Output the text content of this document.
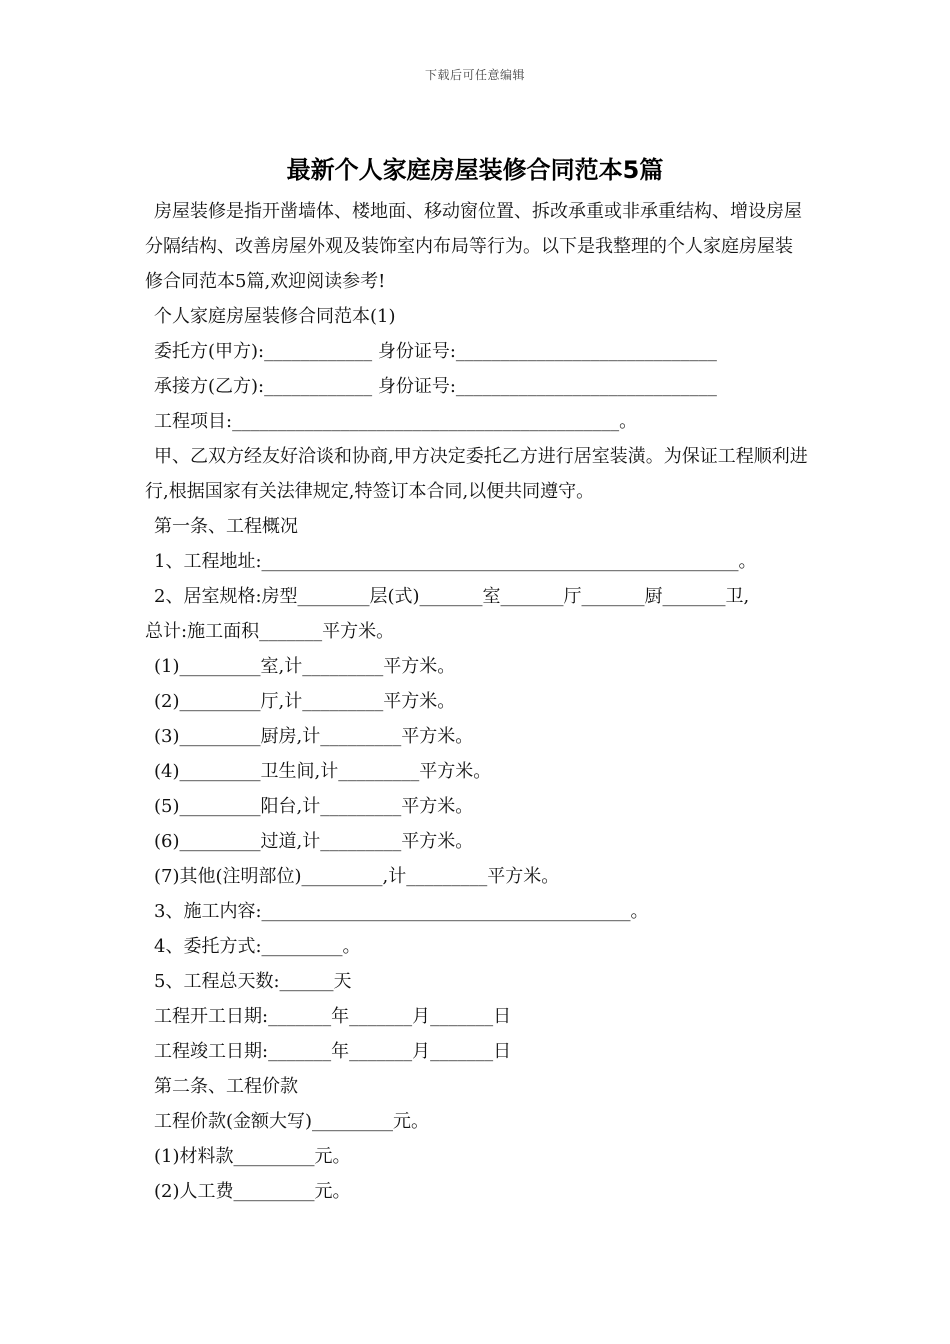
下载后可任意编辑
最新个人家庭房屋装修合同范本5篇

房屋装修是指开凿墙体、楼地面、移动窗位置、拆改承重或非承重结构、增设房屋分隔结构、改善房屋外观及装饰室内布局等行为。以下是我整理的个人家庭房屋装修合同范本5篇,欢迎阅读参考!

个人家庭房屋装修合同范本(1)

委托方(甲方):____________ 身份证号:_____________________________

承接方(乙方):____________ 身份证号:_____________________________

工程项目:___________________________________________。

甲、乙双方经友好洽谈和协商,甲方决定委托乙方进行居室装潢。为保证工程顺利进行,根据国家有关法律规定,特签订本合同,以便共同遵守。

第一条、工程概况

1、工程地址:_____________________________________________________。

2、居室规格:房型________层(式)_______室_______厅_______厨_______卫,

总计:施工面积_______平方米。

(1)_________室,计_________平方米。

(2)_________厅,计_________平方米。

(3)_________厨房,计_________平方米。

(4)_________卫生间,计_________平方米。

(5)_________阳台,计_________平方米。

(6)_________过道,计_________平方米。

(7)其他(注明部位)_________,计_________平方米。

3、施工内容:_________________________________________。

4、委托方式:_________。

5、工程总天数:______天

工程开工日期:_______年_______月_______日

工程竣工日期:_______年_______月_______日

第二条、工程价款

工程价款(金额大写)_________元。

(1)材料款_________元。

(2)人工费_________元。
